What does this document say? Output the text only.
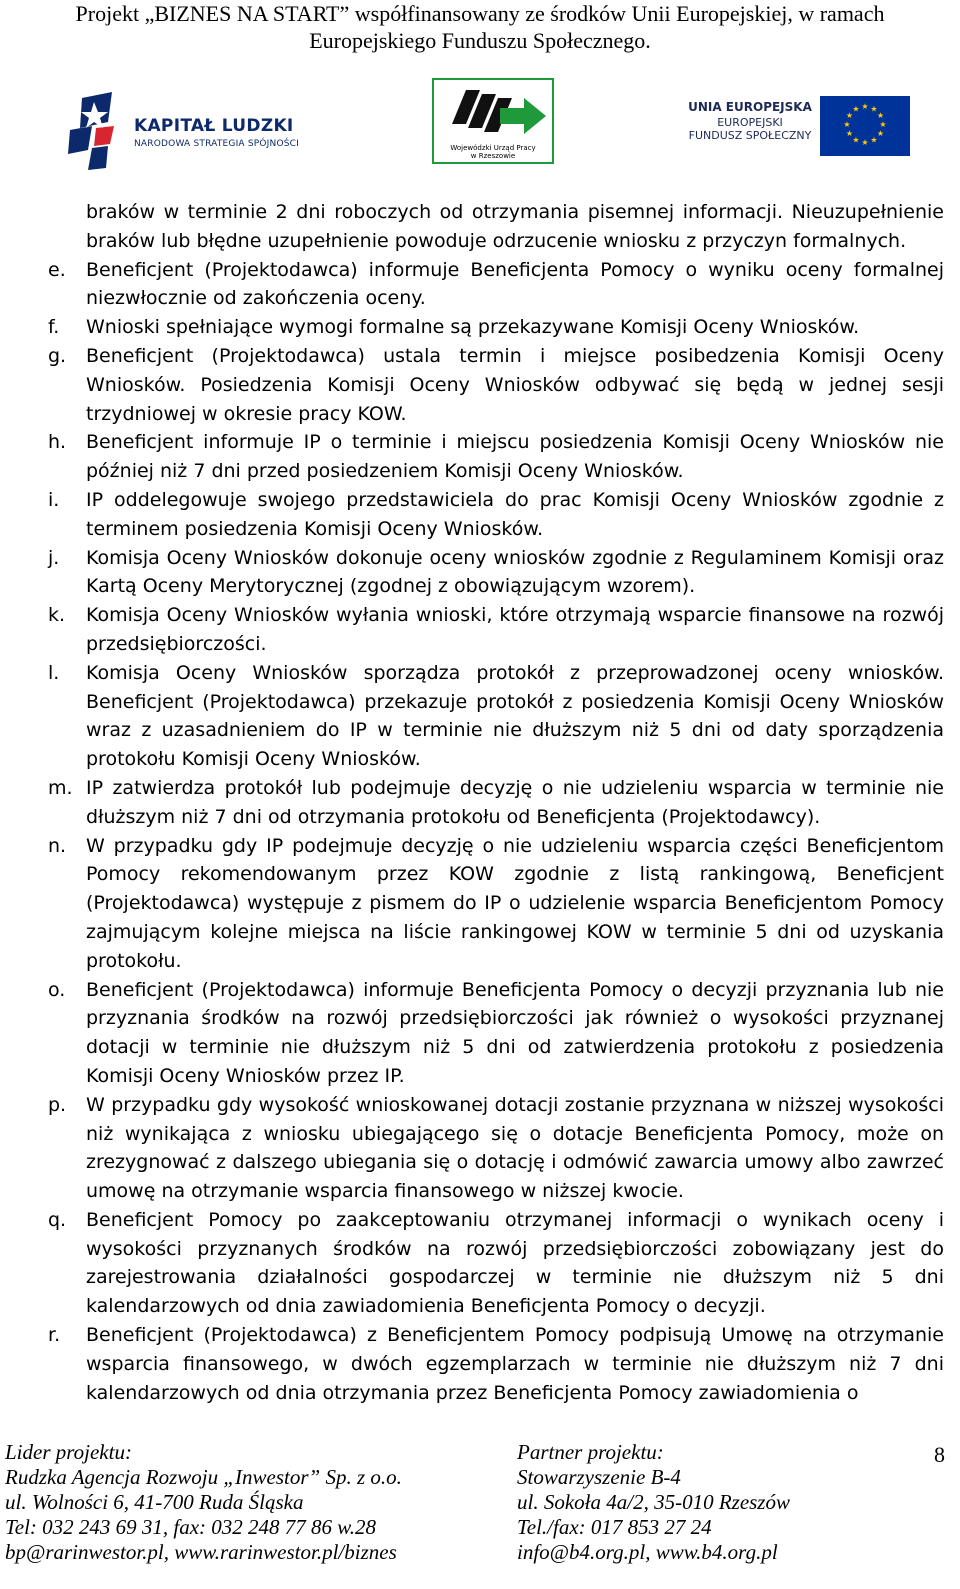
Projekt „BIZNES NA START” współfinansowany ze środków Unii Europejskiej, w ramach
Europejskiego Funduszu Społecznego.
KAPITAŁ LUDZKI
NARODOWA STRATEGIA SPÓJNOŚCI	Wojewódzki Urząd Pracy
w Rzeszowie
UNIA EUROPEJSKA
EUROPEJSKI
FUNDUSZ SPOŁECZNY
★ ★
★
★
★
★
★
★
★
★
★
★

braków w terminie 2 dni roboczych od otrzymania pisemnej informacji. Nieuzupełnienie braków lub błędne uzupełnienie powoduje odrzucenie wniosku z przyczyn formalnych.

e.	Beneficjent (Projektodawca) informuje Beneficjenta Pomocy o wyniku oceny formalnej niezwłocznie od zakończenia oceny.
f.	Wnioski spełniające wymogi formalne są przekazywane Komisji Oceny Wniosków.
g.	Beneficjent (Projektodawca) ustala termin i miejsce posibedzenia Komisji Oceny Wniosków. Posiedzenia Komisji Oceny Wniosków odbywać się będą w jednej sesji trzydniowej w okresie pracy KOW.
h.	Beneficjent informuje IP o terminie i miejscu posiedzenia Komisji Oceny Wniosków nie później niż 7 dni przed posiedzeniem Komisji Oceny Wniosków.
i.	IP oddelegowuje swojego przedstawiciela do prac Komisji Oceny Wniosków zgodnie z terminem posiedzenia Komisji Oceny Wniosków.
j.	Komisja Oceny Wniosków dokonuje oceny wniosków zgodnie z Regulaminem Komisji oraz Kartą Oceny Merytorycznej (zgodnej z obowiązującym wzorem).
k.	Komisja Oceny Wniosków wyłania wnioski, które otrzymają wsparcie finansowe na rozwój przedsiębiorczości.
l.	Komisja Oceny Wniosków sporządza protokół z przeprowadzonej oceny wniosków. Beneficjent (Projektodawca) przekazuje protokół z posiedzenia Komisji Oceny Wniosków wraz z uzasadnieniem do IP w terminie nie dłuższym niż 5 dni od daty sporządzenia protokołu Komisji Oceny Wniosków.
m. IP zatwierdza protokół lub podejmuje decyzję o nie udzieleniu wsparcia w terminie nie dłuższym niż 7 dni od otrzymania protokołu od Beneficjenta (Projektodawcy).
n.	W przypadku gdy IP podejmuje decyzję o nie udzieleniu wsparcia części Beneficjentom Pomocy rekomendowanym przez KOW zgodnie z listą rankingową, Beneficjent (Projektodawca) występuje z pismem do IP o udzielenie wsparcia Beneficjentom Pomocy zajmującym kolejne miejsca na liście rankingowej KOW w terminie 5 dni od uzyskania protokołu.
o.	Beneficjent (Projektodawca) informuje Beneficjenta Pomocy o decyzji przyznania lub nie przyznania środków na rozwój przedsiębiorczości jak również o wysokości przyznanej dotacji w terminie nie dłuższym niż 5 dni od zatwierdzenia protokołu z posiedzenia Komisji Oceny Wniosków przez IP.
p.	W przypadku gdy wysokość wnioskowanej dotacji zostanie przyznana w niższej wysokości niż wynikająca z wniosku ubiegającego się o dotacje Beneficjenta Pomocy, może on zrezygnować z dalszego ubiegania się o dotację i odmówić zawarcia umowy albo zawrzeć umowę na otrzymanie wsparcia finansowego w niższej kwocie.
q.	Beneficjent Pomocy po zaakceptowaniu otrzymanej informacji o wynikach oceny i wysokości przyznanych środków na rozwój przedsiębiorczości zobowiązany jest do zarejestrowania działalności gospodarczej w terminie nie dłuższym niż 5 dni kalendarzowych od dnia zawiadomienia Beneficjenta Pomocy o decyzji.
r.	Beneficjent (Projektodawca) z Beneficjentem Pomocy podpisują Umowę na otrzymanie wsparcia finansowego, w dwóch egzemplarzach w terminie nie dłuższym niż 7 dni kalendarzowych od dnia otrzymania przez Beneficjenta Pomocy zawiadomienia o
Lider projektu:
Rudzka Agencja Rozwoju „Inwestor” Sp. z o.o.
ul. Wolności 6, 41-700 Ruda Śląska
Tel: 032 243 69 31, fax: 032 248 77 86 w.28
bp@rarinwestor.pl, www.rarinwestor.pl/biznes
Partner projektu:
Stowarzyszenie B-4
ul. Sokoła 4a/2, 35-010 Rzeszów
Tel./fax: 017 853 27 24
info@b4.org.pl, www.b4.org.pl
8
